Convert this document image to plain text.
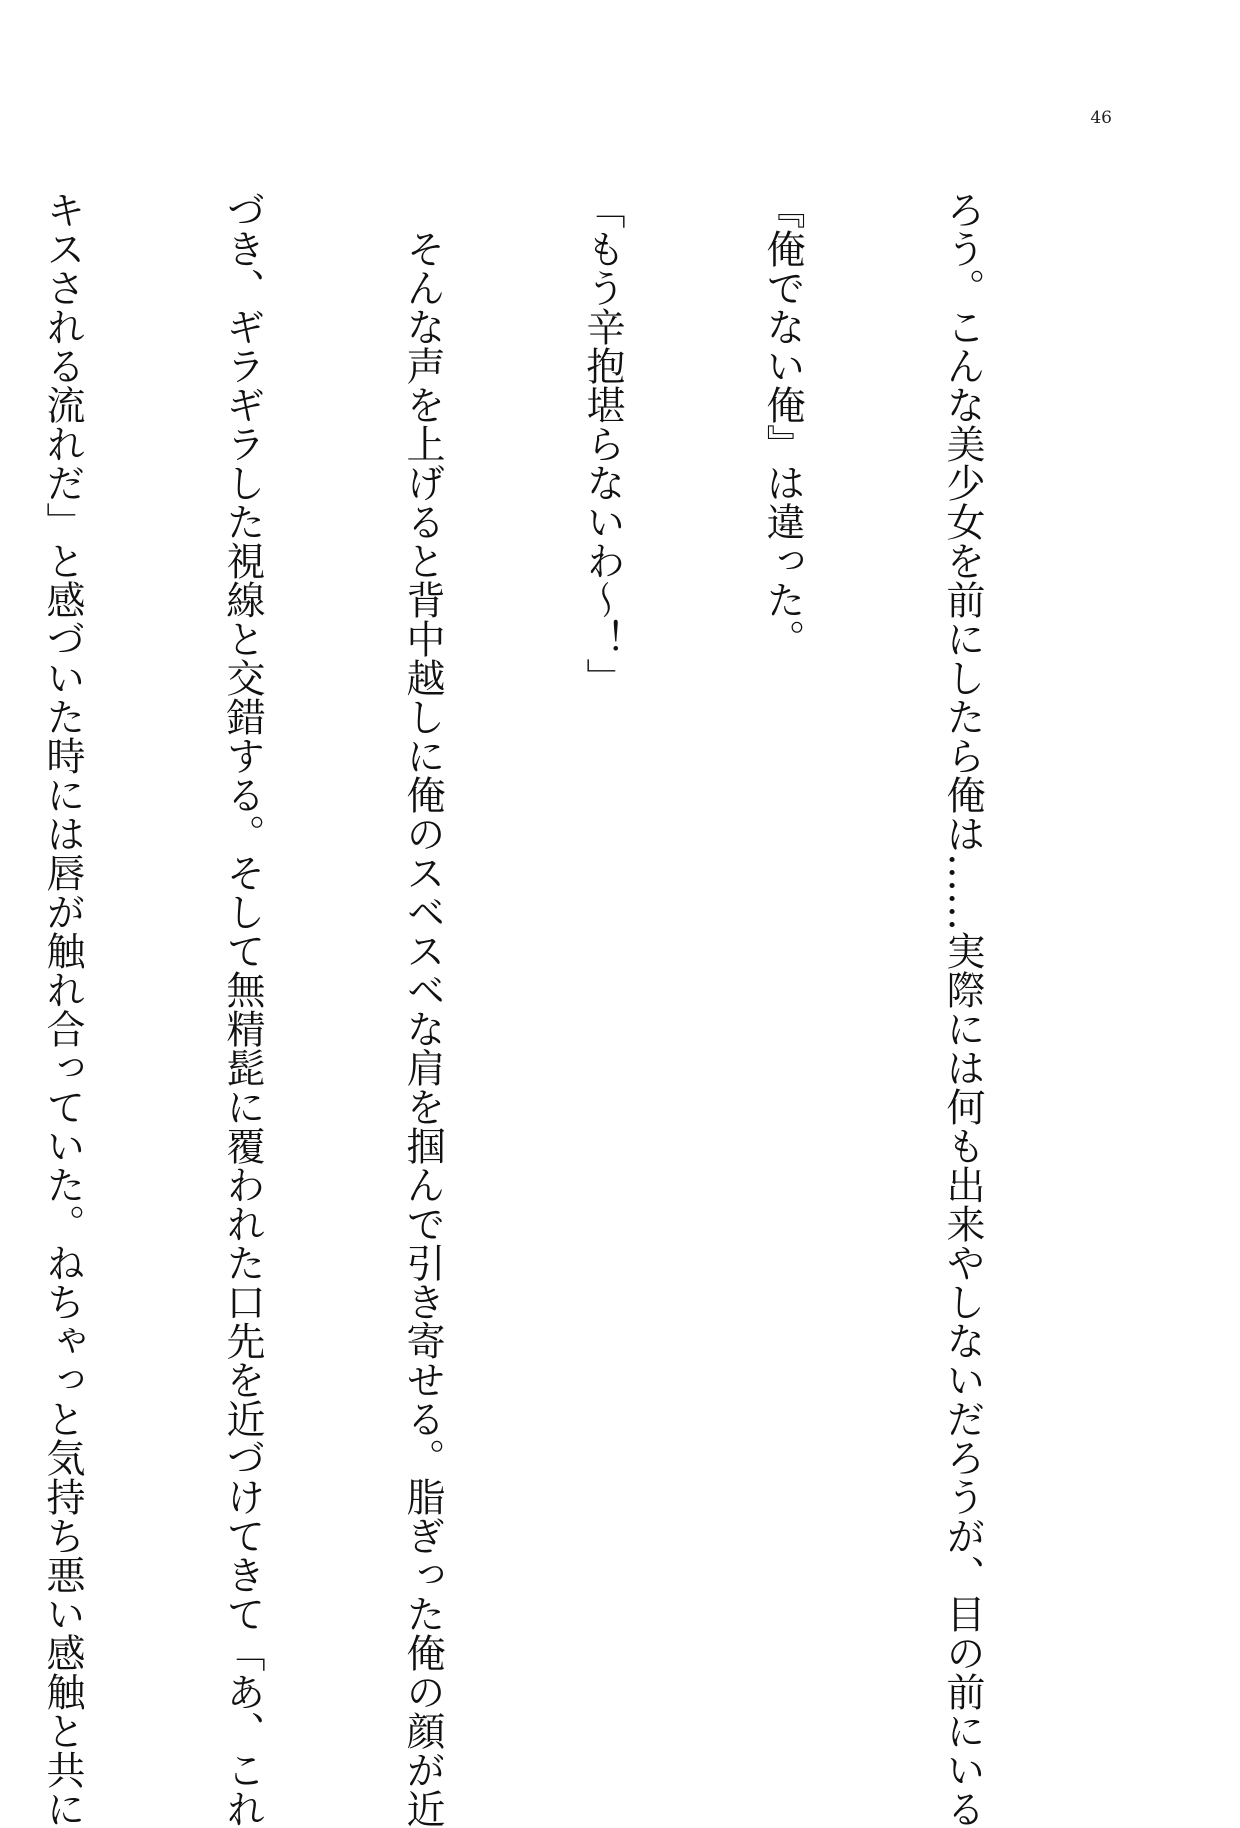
46

ろう。こんな美少女を前にしたら俺は……実際には何も出来やしないだろうが、目の前にいる

『俺でない俺』は違った。

「もう辛抱堪らないわ〜！」

　そんな声を上げると背中越しに俺のスベスベな肩を掴んで引き寄せる。脂ぎった俺の顔が近

づき、ギラギラした視線と交錯する。そして無精髭に覆われた口先を近づけてきて「あ、これ

キスされる流れだ」と感づいた時には唇が触れ合っていた。ねちゃっと気持ち悪い感触と共に
